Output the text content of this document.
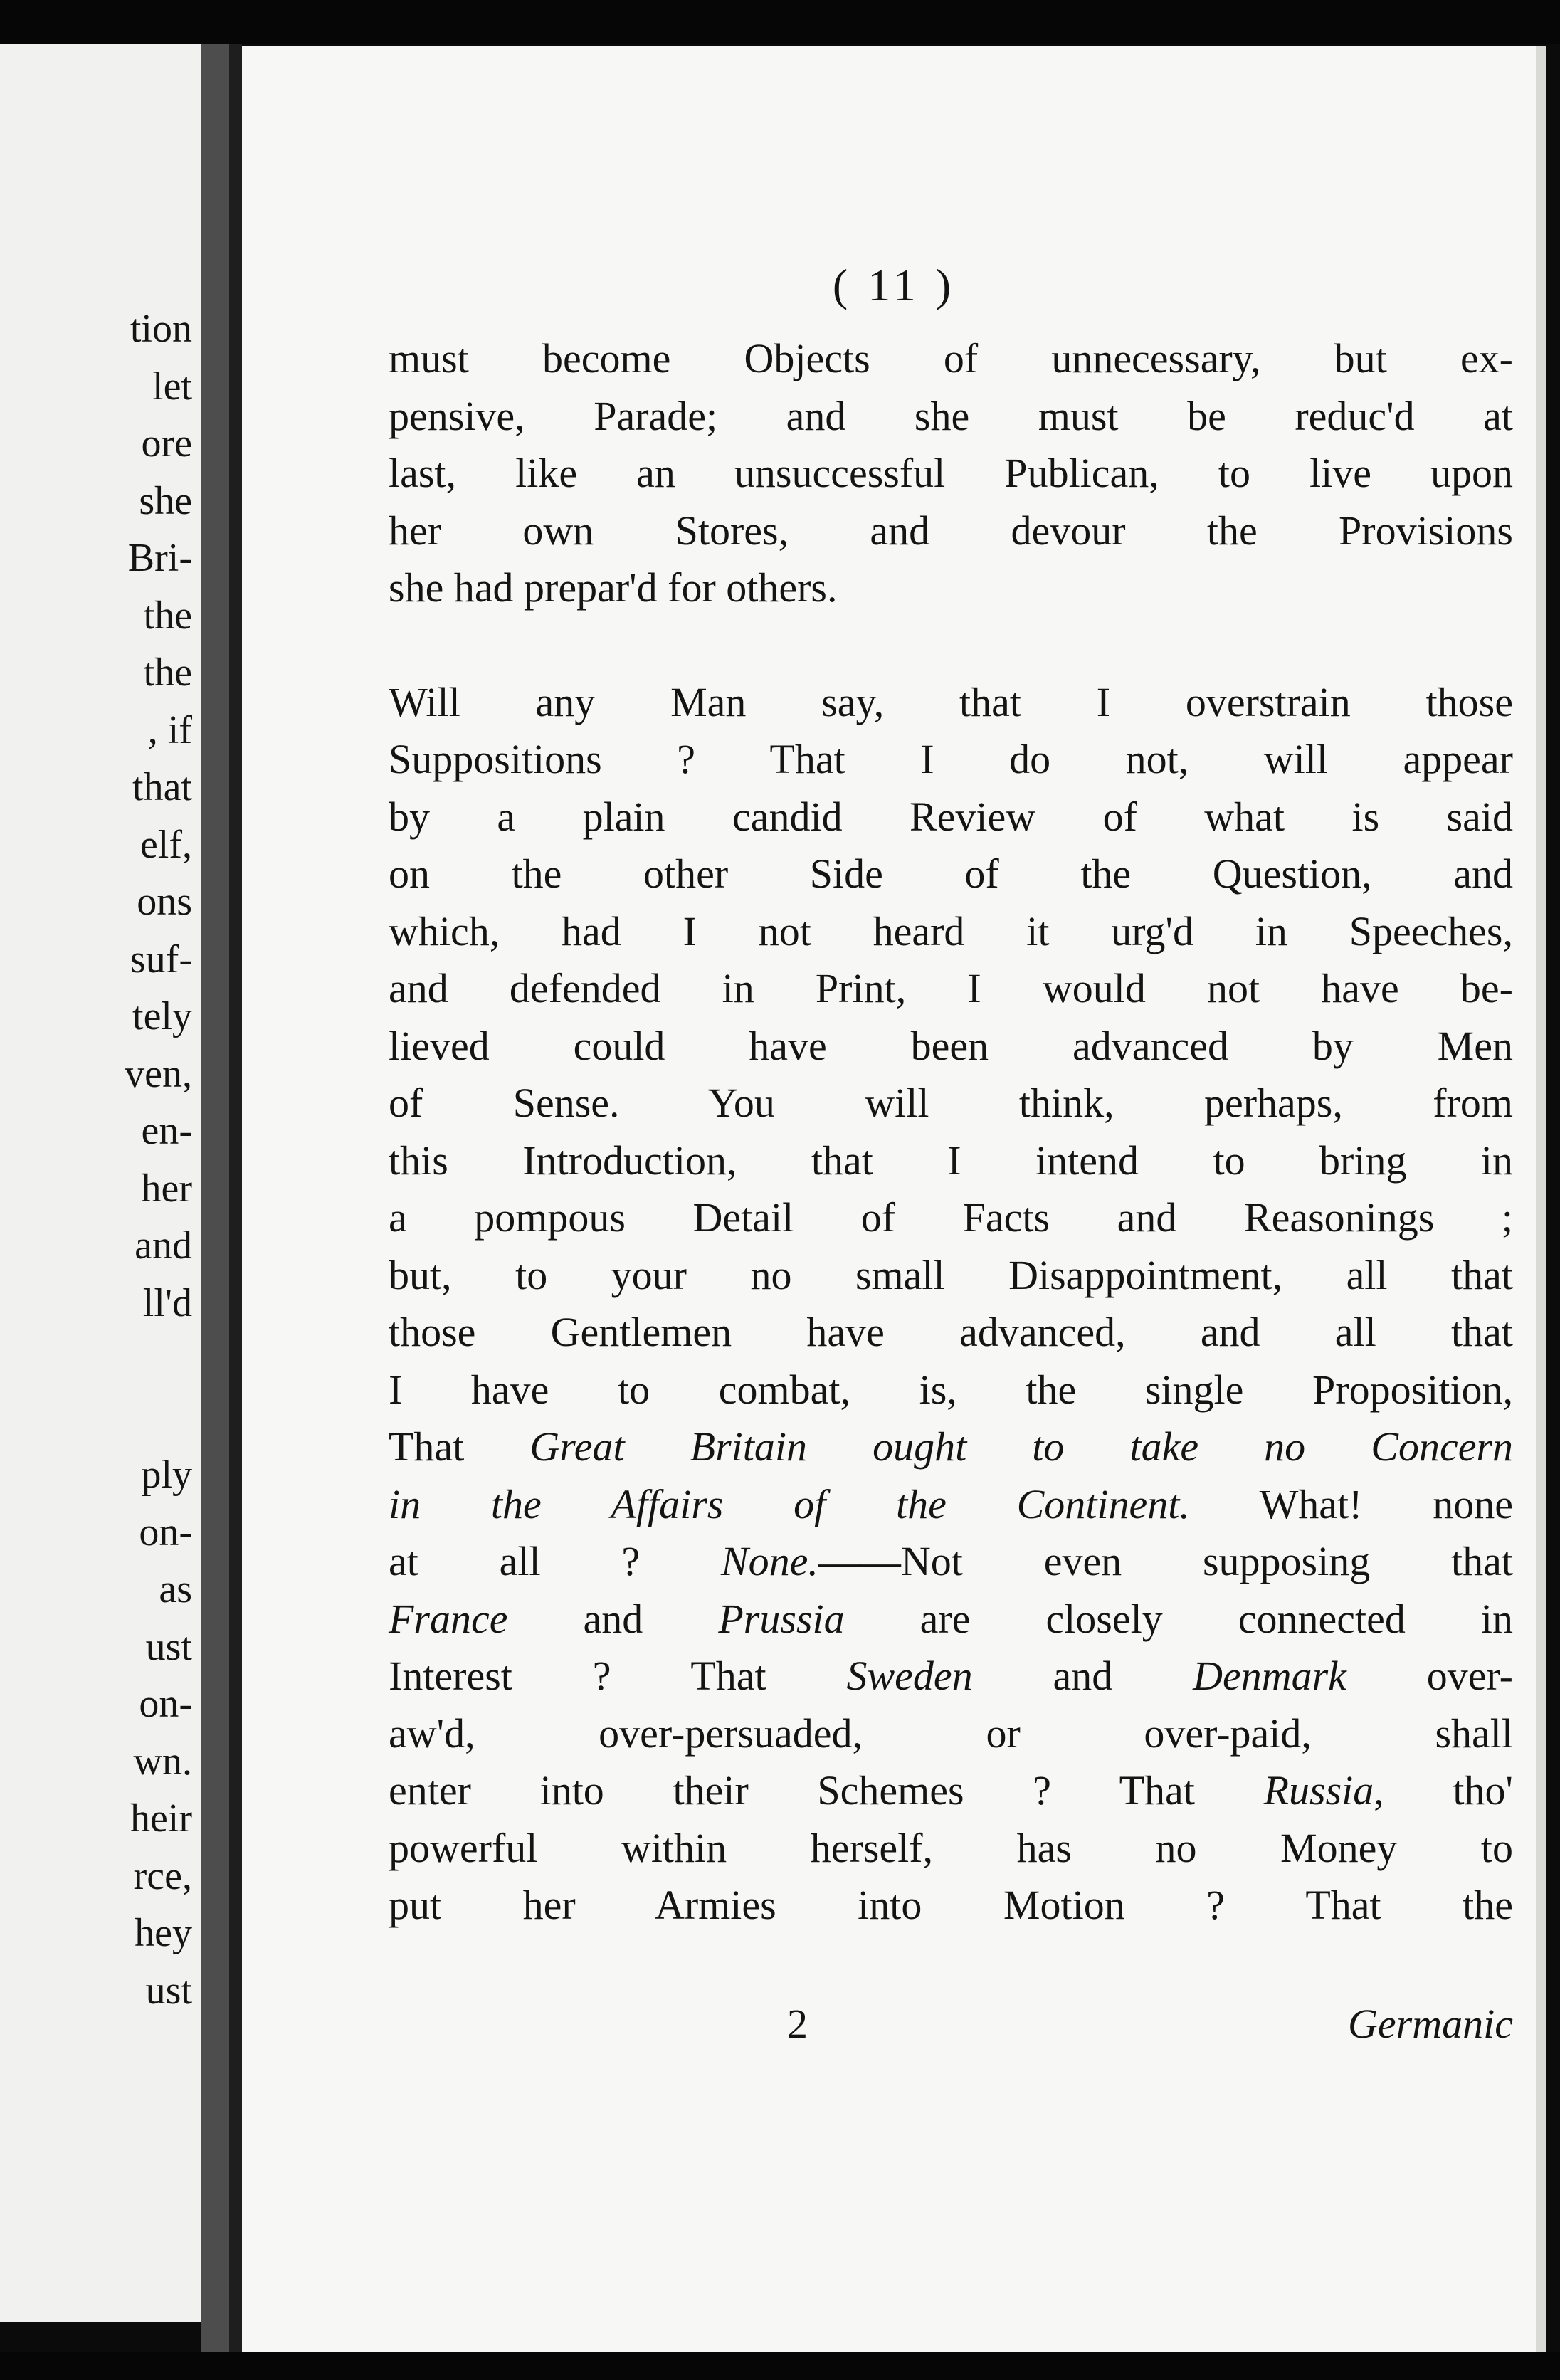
tion
let
ore
she
Bri-
the
the
, if
that
elf,
ons
suf-
tely
ven,
en-
her
and
ll'd
ply
on-
as
ust
on-
wn.
heir
rce,
hey
ust
( 11 )

must become Objects of unnecessary, but ex-
pensive, Parade; and she must be reduc'd at
last, like an unsuccessful Publican, to live upon
her own Stores, and devour the Provisions
she had prepar'd for others.

Will any Man say, that I overstrain those
Suppositions ? That I do not, will appear
by a plain candid Review of what is said
on the other Side of the Question, and
which, had I not heard it urg'd in Speeches,
and defended in Print, I would not have be-
lieved could have been advanced by Men
of Sense. You will think, perhaps, from
this Introduction, that I intend to bring in
a pompous Detail of Facts and Reasonings ;
but, to your no small Disappointment, all that
those Gentlemen have advanced, and all that
I have to combat, is, the single Proposition,
That Great Britain ought to take no Concern
in the Affairs of the Continent. What! none
at all ? None.——Not even supposing that
France and Prussia are closely connected in
Interest ? That Sweden and Denmark over-
aw'd, over-persuaded, or over-paid, shall
enter into their Schemes ? That Russia, tho'
powerful within herself, has no Money to
put her Armies into Motion ? That the

2	Germanic
